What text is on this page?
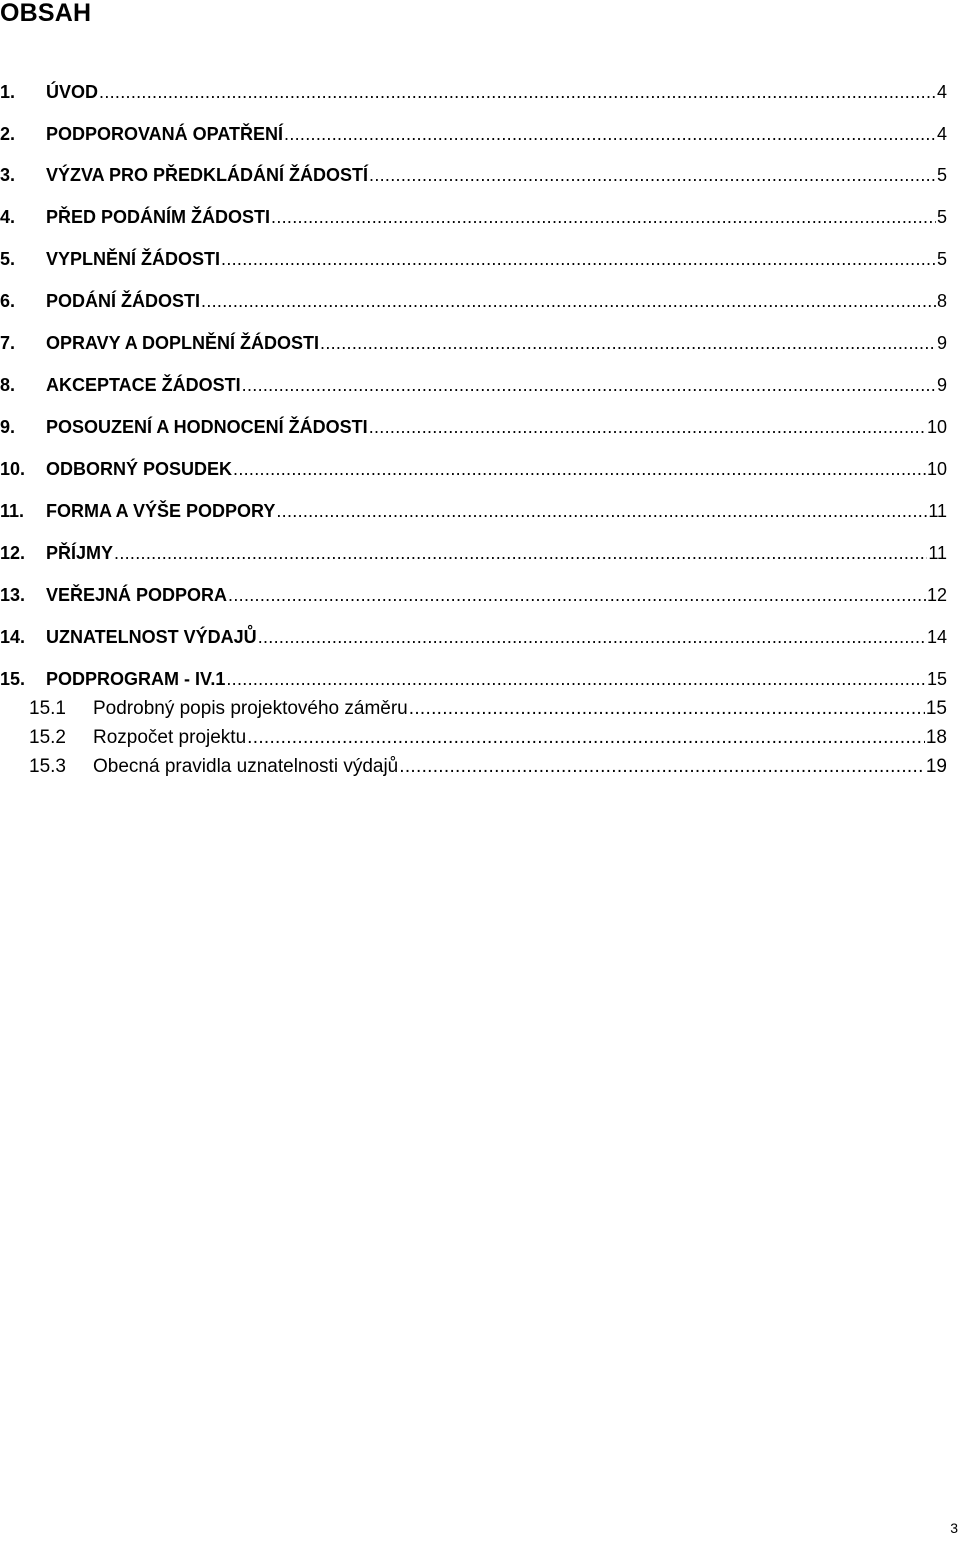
OBSAH
1. ÚVOD .....	4
2. PODPOROVANÁ OPATŘENÍ .....	4
3. VÝZVA PRO PŘEDKLÁDÁNÍ ŽÁDOSTÍ .....	5
4. PŘED PODÁNÍM ŽÁDOSTI .....	5
5. VYPLNĚNÍ ŽÁDOSTI .....	5
6. PODÁNÍ ŽÁDOSTI .....	8
7. OPRAVY A DOPLNĚNÍ ŽÁDOSTI .....	9
8. AKCEPTACE ŽÁDOSTI .....	9
9. POSOUZENÍ A HODNOCENÍ ŽÁDOSTI .....	10
10. ODBORNÝ POSUDEK .....	10
11. FORMA A VÝŠE PODPORY .....	11
12. PŘÍJMY .....	11
13. VEŘEJNÁ PODPORA .....	12
14. UZNATELNOST VÝDAJŮ .....	14
15. PODPROGRAM - IV.1 .....	15
15.1 Podrobný popis projektového záměru .....	15
15.2 Rozpočet projektu .....	18
15.3 Obecná pravidla uznatelnosti výdajů .....	19
3
